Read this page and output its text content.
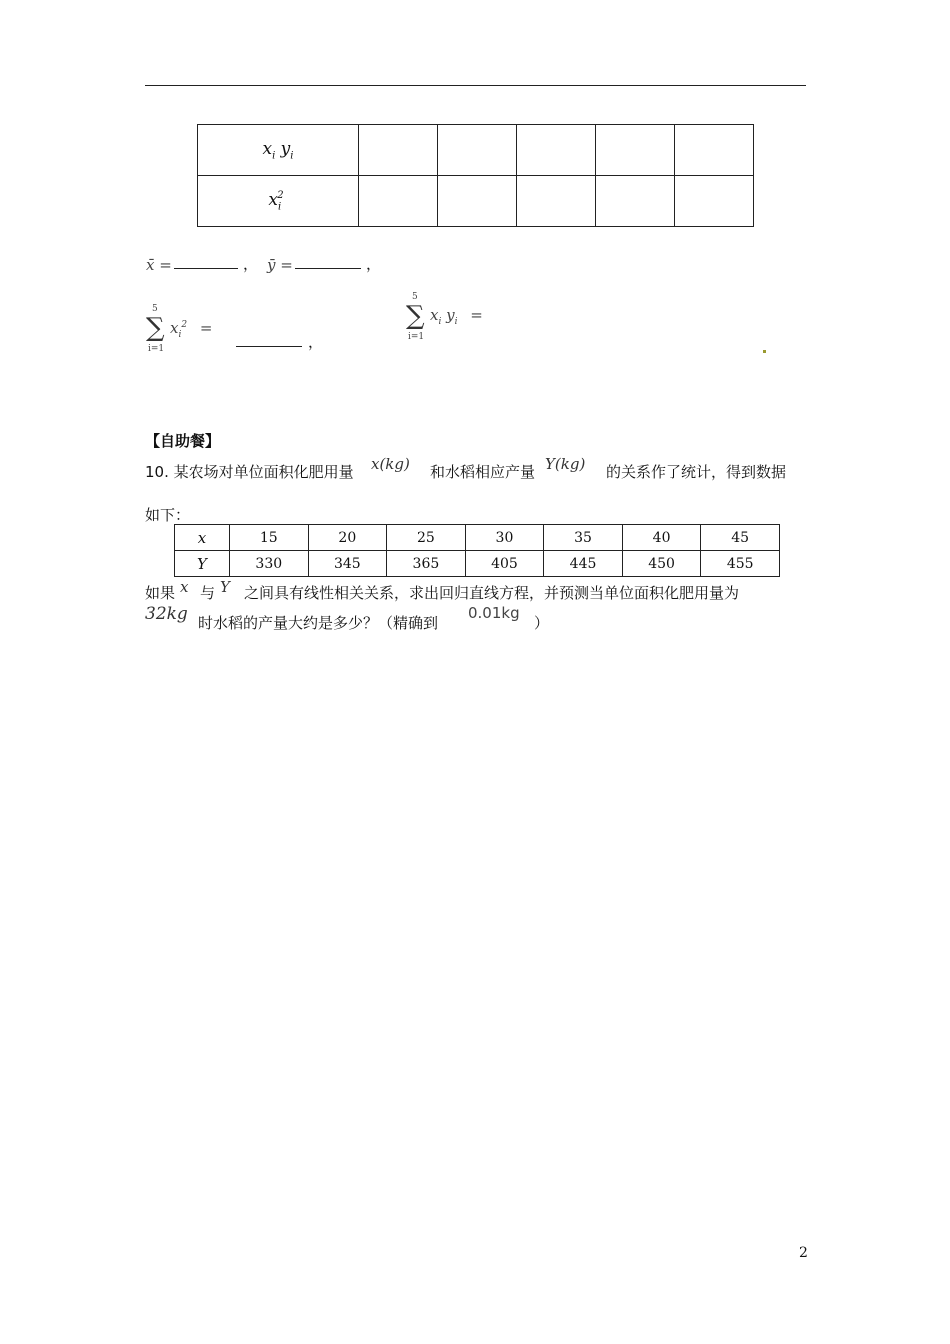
$x_i$ $y_i$					
$x_i^2$					
x̄ =	， ȳ =	，
5
∑
i=1
$x_i^2$ =
，
5
∑
i=1
$x_i$ $y_i$ =
【自助餐】
10. 某农场对单位面积化肥用量 x(kg) 和水稻相应产量 Y(kg) 的关系作了统计，得到数据
如下：
x	15	20	25	30	35	40	45
Y	330	345	365	405	445	450	455
如果 x 与 Y 之间具有线性相关关系，求出回归直线方程，并预测当单位面积化肥用量为
32kg 时水稻的产量大约是多少？（精确到
0.01kg
）
2
